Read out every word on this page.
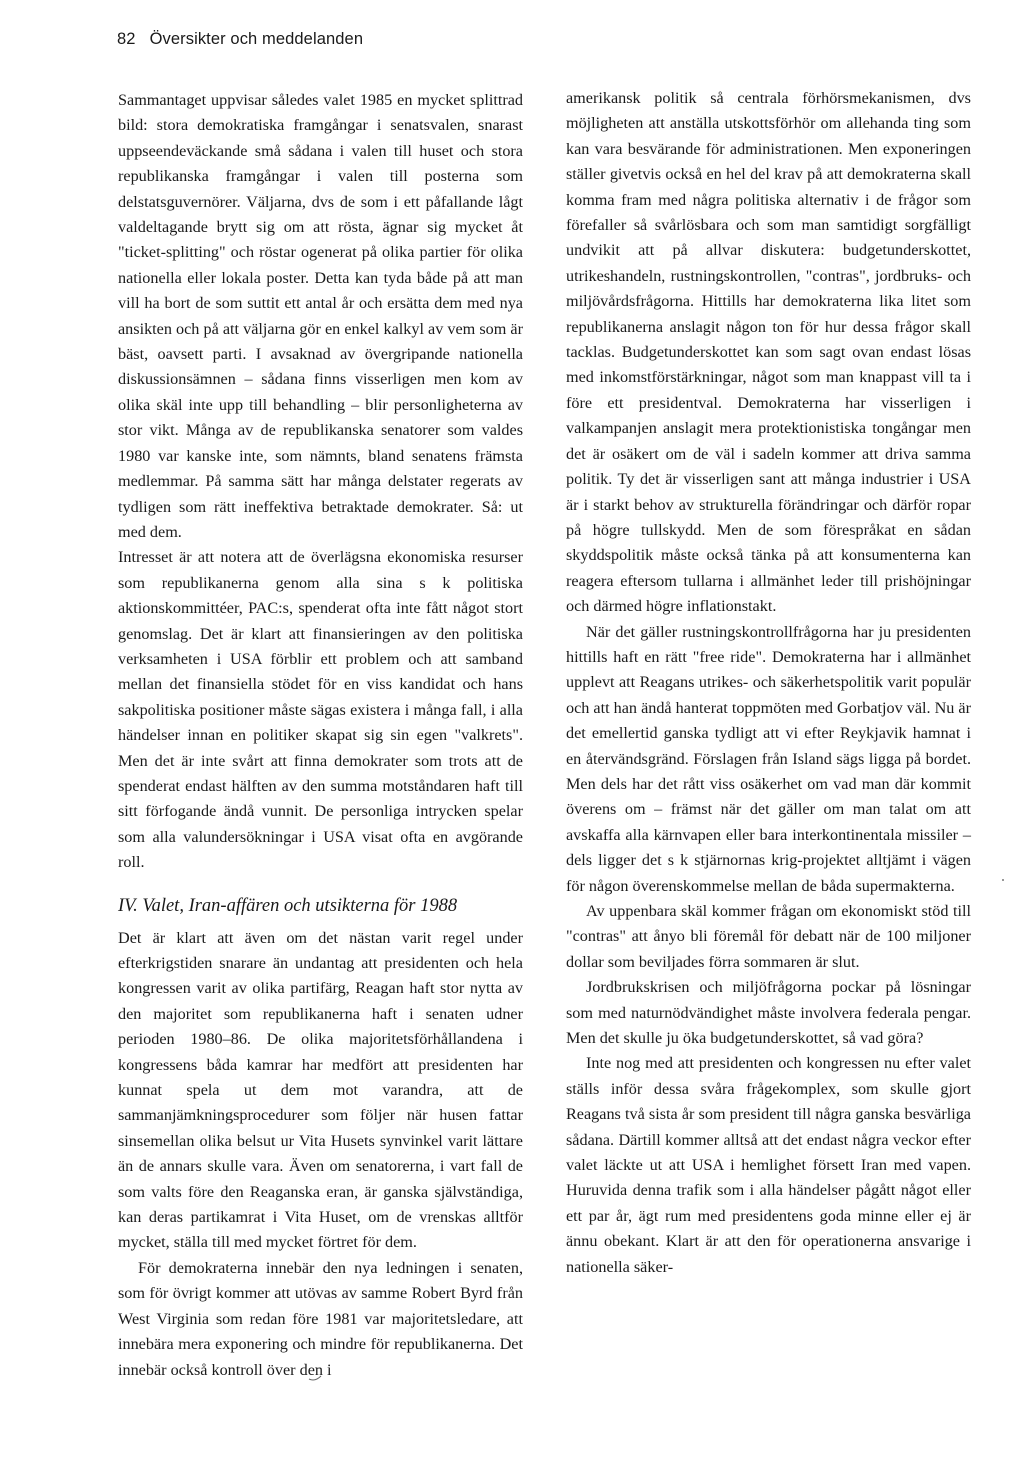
82 Översikter och meddelanden

Sammantaget uppvisar således valet 1985 en mycket splittrad bild: stora demokratiska framgångar i senatsvalen, snarast uppseendeväckande små sådana i valen till huset och stora republikanska framgångar i valen till posterna som delstatsguvernörer. Väljarna, dvs de som i ett påfallande lågt valdeltagande brytt sig om att rösta, ägnar sig mycket åt "ticket-splitting" och röstar ogenerat på olika partier för olika nationella eller lokala poster. Detta kan tyda både på att man vill ha bort de som suttit ett antal år och ersätta dem med nya ansikten och på att väljarna gör en enkel kalkyl av vem som är bäst, oavsett parti. I avsaknad av övergripande nationella diskussionsämnen – sådana finns visserligen men kom av olika skäl inte upp till behandling – blir personligheterna av stor vikt. Många av de republikanska senatorer som valdes 1980 var kanske inte, som nämnts, bland senatens främsta medlemmar. På samma sätt har många delstater regerats av tydligen som rätt ineffektiva betraktade demokrater. Så: ut med dem.

Intresset är att notera att de överlägsna ekonomiska resurser som republikanerna genom alla sina s k politiska aktionskommittéer, PAC:s, spenderat ofta inte fått något stort genomslag. Det är klart att finansieringen av den politiska verksamheten i USA förblir ett problem och att samband mellan det finansiella stödet för en viss kandidat och hans sakpolitiska positioner måste sägas existera i många fall, i alla händelser innan en politiker skapat sig sin egen "valkrets". Men det är inte svårt att finna demokrater som trots att de spenderat endast hälften av den summa motståndaren haft till sitt förfogande ändå vunnit. De personliga intrycken spelar som alla valundersökningar i USA visat ofta en avgörande roll.

IV. Valet, Iran-affären och utsikterna för 1988

Det är klart att även om det nästan varit regel under efterkrigstiden snarare än undantag att presidenten och hela kongressen varit av olika partifärg, Reagan haft stor nytta av den majoritet som republikanerna haft i senaten udner perioden 1980–86. De olika majoritetsförhållandena i kongressens båda kamrar har medfört att presidenten har kunnat spela ut dem mot varandra, att de sammanjämkningsprocedurer som följer när husen fattar sinsemellan olika belsut ur Vita Husets synvinkel varit lättare än de annars skulle vara. Även om senatorerna, i vart fall de som valts före den Reaganska eran, är ganska självständiga, kan deras partikamrat i Vita Huset, om de vrenskas alltför mycket, ställa till med mycket förtret för dem.

För demokraterna innebär den nya ledningen i senaten, som för övrigt kommer att utövas av samme Robert Byrd från West Virginia som redan före 1981 var majoritetsledare, att innebära mera exponering och mindre för republikanerna. Det innebär också kontroll över den i

amerikansk politik så centrala förhörsmekanismen, dvs möjligheten att anställa utskottsförhör om allehanda ting som kan vara besvärande för administrationen. Men exponeringen ställer givetvis också en hel del krav på att demokraterna skall komma fram med några politiska alternativ i de frågor som förefaller så svårlösbara och som man samtidigt sorgfälligt undvikit att på allvar diskutera: budgetunderskottet, utrikeshandeln, rustningskontrollen, "contras", jordbruks- och miljövårdsfrågorna. Hittills har demokraterna lika litet som republikanerna anslagit någon ton för hur dessa frågor skall tacklas. Budgetunderskottet kan som sagt ovan endast lösas med inkomstförstärkningar, något som man knappast vill ta i före ett presidentval. Demokraterna har visserligen i valkampanjen anslagit mera protektionistiska tongångar men det är osäkert om de väl i sadeln kommer att driva samma politik. Ty det är visserligen sant att många industrier i USA är i starkt behov av strukturella förändringar och därför ropar på högre tullskydd. Men de som förespråkat en sådan skyddspolitik måste också tänka på att konsumenterna kan reagera eftersom tullarna i allmänhet leder till prishöjningar och därmed högre inflationstakt.

När det gäller rustningskontrollfrågorna har ju presidenten hittills haft en rätt "free ride". Demokraterna har i allmänhet upplevt att Reagans utrikes- och säkerhetspolitik varit populär och att han ändå hanterat toppmöten med Gorbatjov väl. Nu är det emellertid ganska tydligt att vi efter Reykjavik hamnat i en återvändsgränd. Förslagen från Island sägs ligga på bordet. Men dels har det rått viss osäkerhet om vad man där kommit överens om – främst när det gäller om man talat om att avskaffa alla kärnvapen eller bara interkontinentala missiler – dels ligger det s k stjärnornas krig-projektet alltjämt i vägen för någon överenskommelse mellan de båda supermakterna.

Av uppenbara skäl kommer frågan om ekonomiskt stöd till "contras" att ånyo bli föremål för debatt när de 100 miljoner dollar som beviljades förra sommaren är slut.

Jordbrukskrisen och miljöfrågorna pockar på lösningar som med naturnödvändighet måste involvera federala pengar. Men det skulle ju öka budgetunderskottet, så vad göra?

Inte nog med att presidenten och kongressen nu efter valet ställs inför dessa svåra frågekomplex, som skulle gjort Reagans två sista år som president till några ganska besvärliga sådana. Därtill kommer alltså att det endast några veckor efter valet läckte ut att USA i hemlighet försett Iran med vapen. Huruvida denna trafik som i alla händelser pågått något eller ett par år, ägt rum med presidentens goda minne eller ej är ännu obekant. Klart är att den för operationerna ansvarige i nationella säker-
